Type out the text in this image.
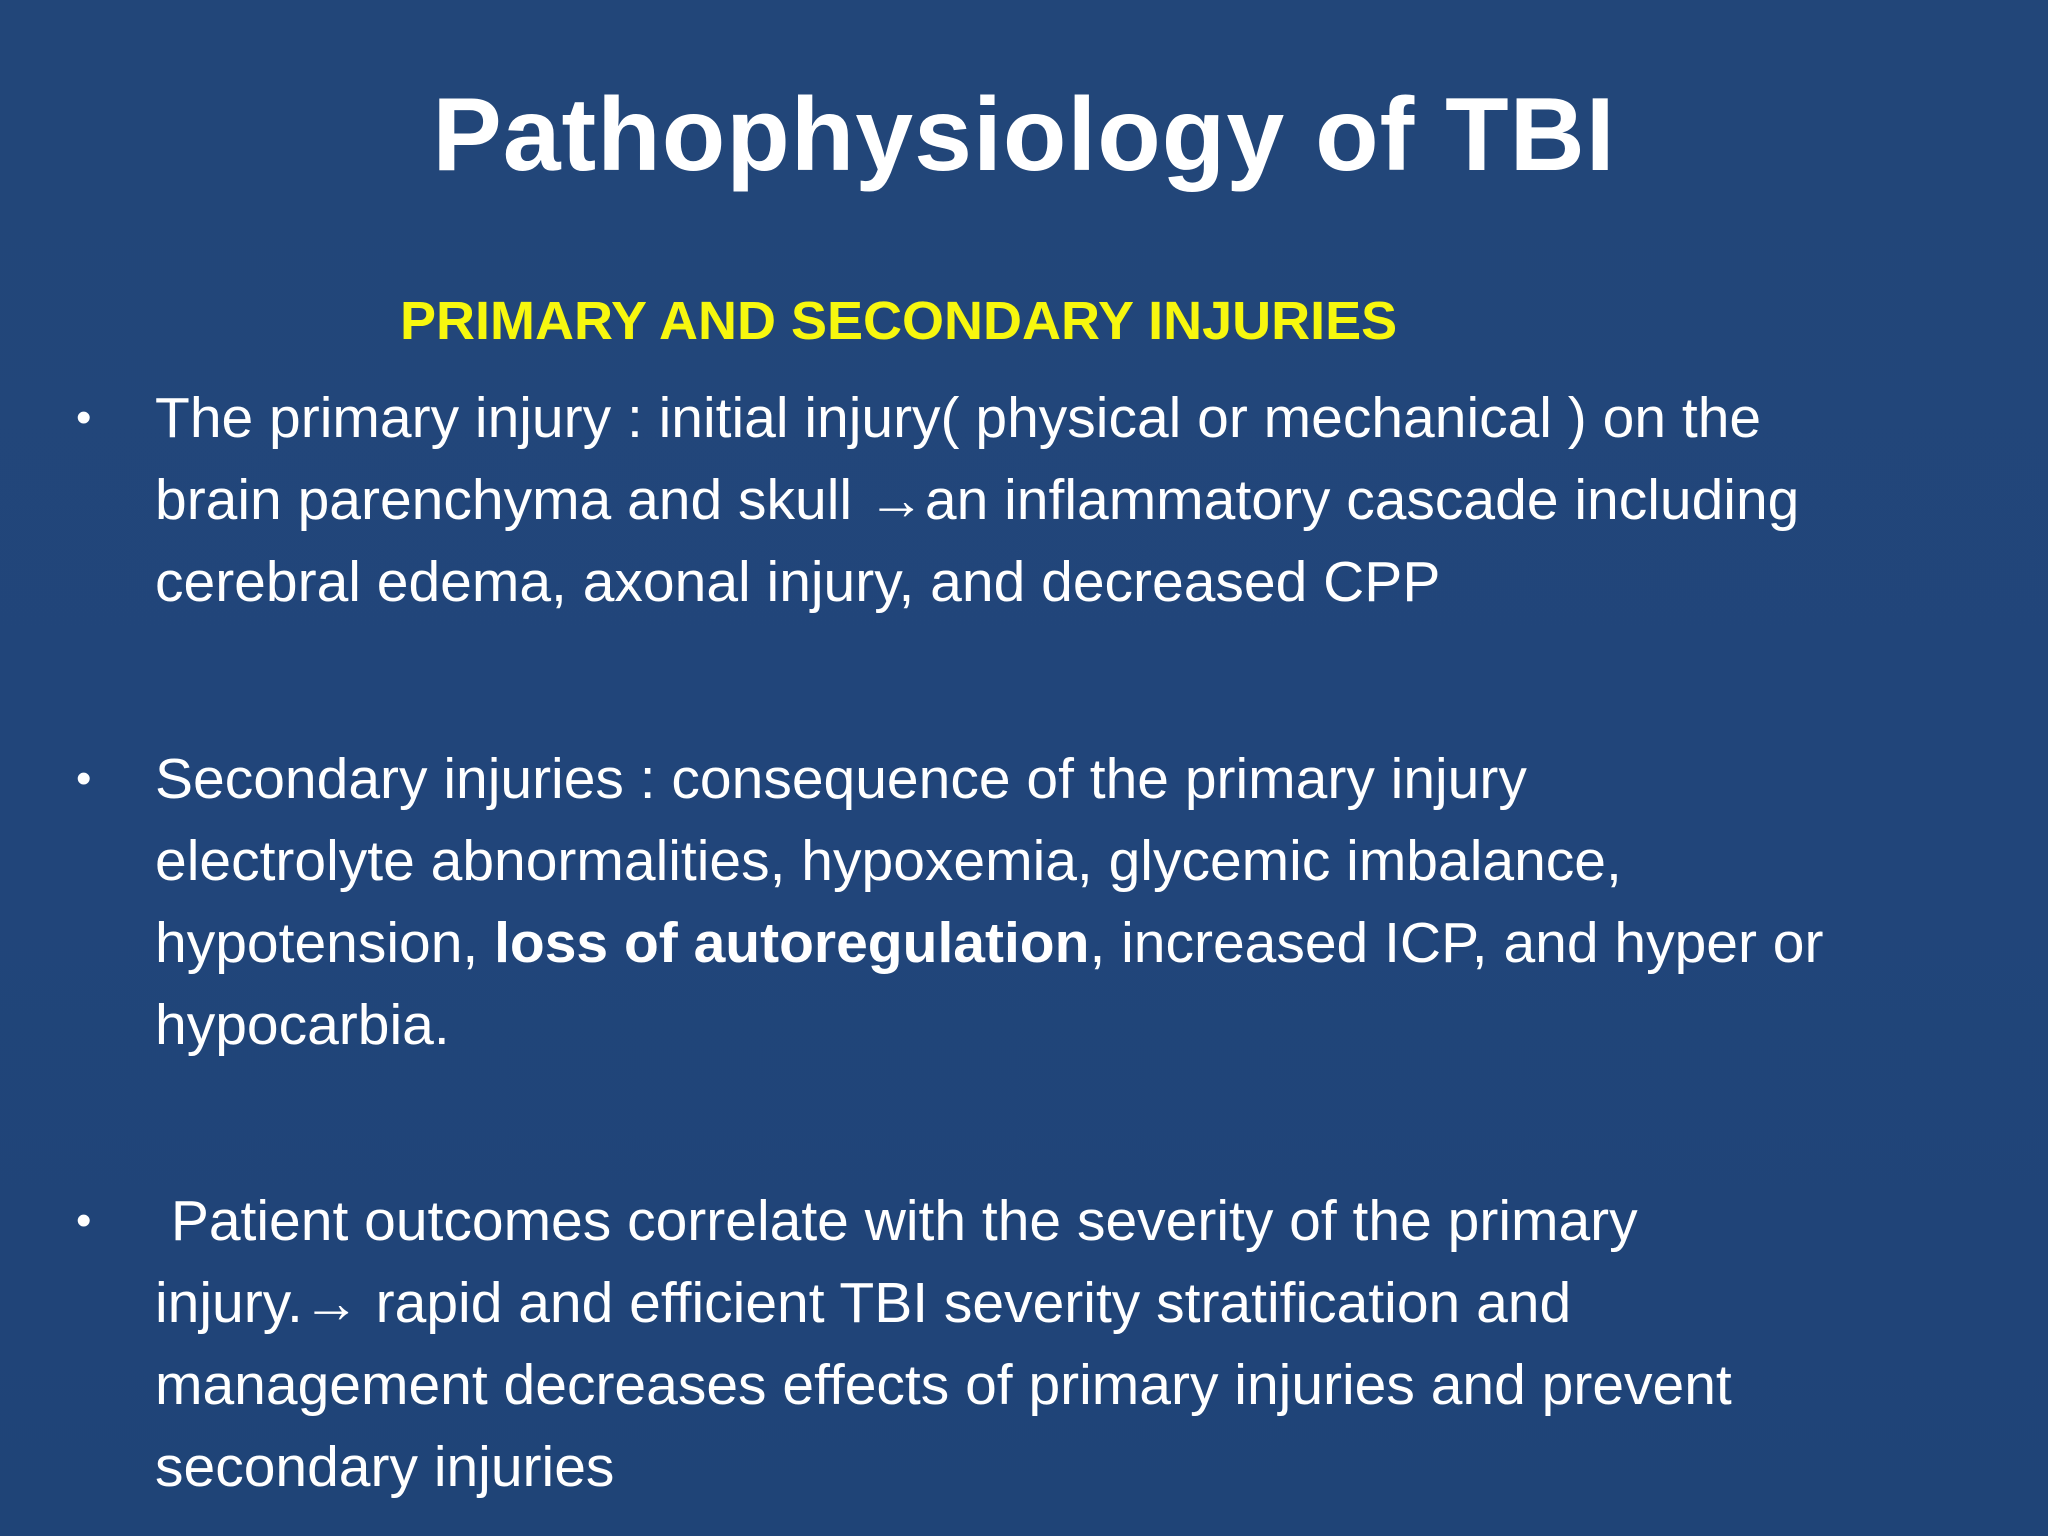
Pathophysiology of TBI
PRIMARY AND SECONDARY INJURIES
• The primary injury : initial injury( physical or mechanical ) on the
brain parenchyma and skull →an inflammatory cascade including
cerebral edema, axonal injury, and decreased CPP
• Secondary injuries : consequence of the primary injury
electrolyte abnormalities, hypoxemia, glycemic imbalance,
hypotension, loss of autoregulation, increased ICP, and hyper or
hypocarbia.
• Patient outcomes correlate with the severity of the primary
injury.→ rapid and efficient TBI severity stratification and
management decreases effects of primary injuries and prevent
secondary injuries
